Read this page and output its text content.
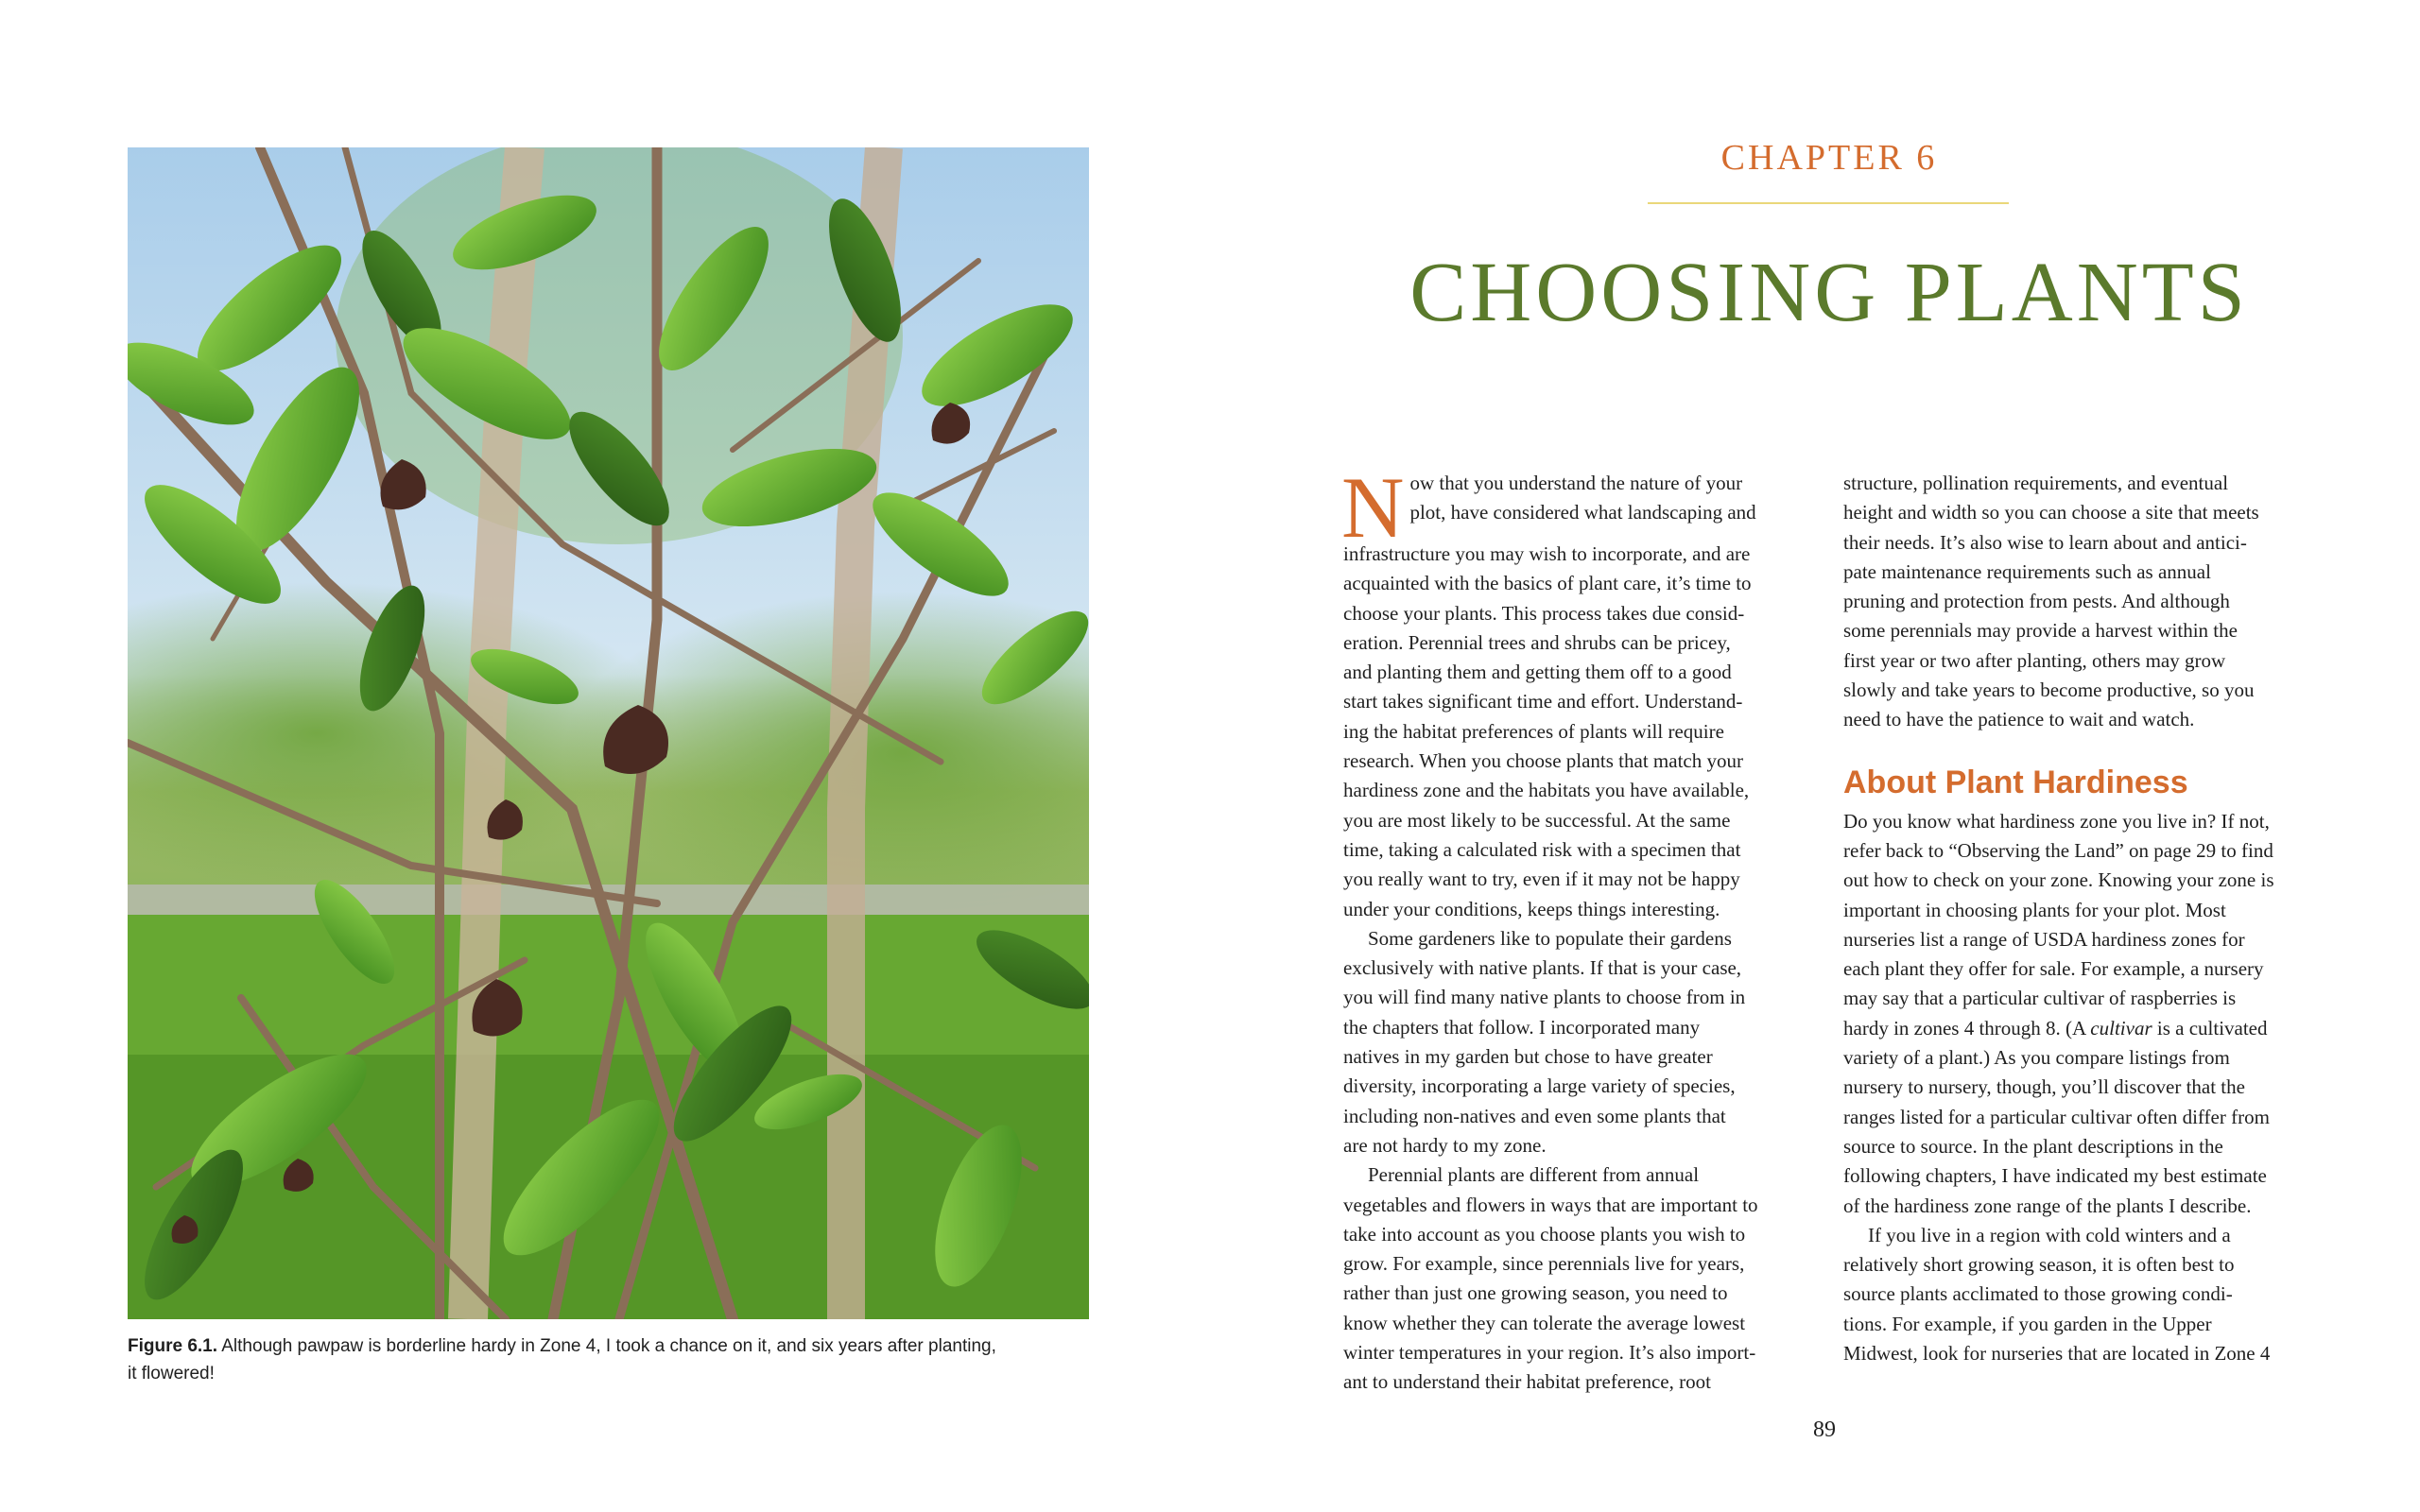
Figure 6.1. Although pawpaw is borderline hardy in Zone 4, I took a chance on it, and six years after planting,
it flowered!
CHAPTER 6
CHOOSING PLANTS
N ow that you understand the nature of your
plot, have considered what landscaping and
infrastructure you may wish to incorporate, and are
acquainted with the basics of plant care, it’s time to
choose your plants. This process takes due consid-
eration. Perennial trees and shrubs can be pricey,
and planting them and getting them off to a good
start takes significant time and effort. Understand-
ing the habitat preferences of plants will require
research. When you choose plants that match your
hardiness zone and the habitats you have available,
you are most likely to be successful. At the same
time, taking a calculated risk with a specimen that
you really want to try, even if it may not be happy
under your conditions, keeps things interesting.
Some gardeners like to populate their gardens
exclusively with native plants. If that is your case,
you will find many native plants to choose from in
the chapters that follow. I incorporated many
natives in my garden but chose to have greater
diversity, incorporating a large variety of species,
including non-natives and even some plants that
are not hardy to my zone.
Perennial plants are different from annual
vegetables and flowers in ways that are important to
take into account as you choose plants you wish to
grow. For example, since perennials live for years,
rather than just one growing season, you need to
know whether they can tolerate the average lowest
winter temperatures in your region. It’s also import-
ant to understand their habitat preference, root
structure, pollination requirements, and eventual
height and width so you can choose a site that meets
their needs. It’s also wise to learn about and antici-
pate maintenance requirements such as annual
pruning and protection from pests. And although
some perennials may provide a harvest within the
first year or two after planting, others may grow
slowly and take years to become productive, so you
need to have the patience to wait and watch.
About Plant Hardiness
Do you know what hardiness zone you live in? If not,
refer back to “Observing the Land” on page 29 to find
out how to check on your zone. Knowing your zone is
important in choosing plants for your plot. Most
nurseries list a range of USDA hardiness zones for
each plant they offer for sale. For example, a nursery
may say that a particular cultivar of raspberries is
hardy in zones 4 through 8. (A cultivar is a cultivated
variety of a plant.) As you compare listings from
nursery to nursery, though, you’ll discover that the
ranges listed for a particular cultivar often differ from
source to source. In the plant descriptions in the
following chapters, I have indicated my best estimate
of the hardiness zone range of the plants I describe.
If you live in a region with cold winters and a
relatively short growing season, it is often best to
source plants acclimated to those growing condi-
tions. For example, if you garden in the Upper
Midwest, look for nurseries that are located in Zone 4
89
